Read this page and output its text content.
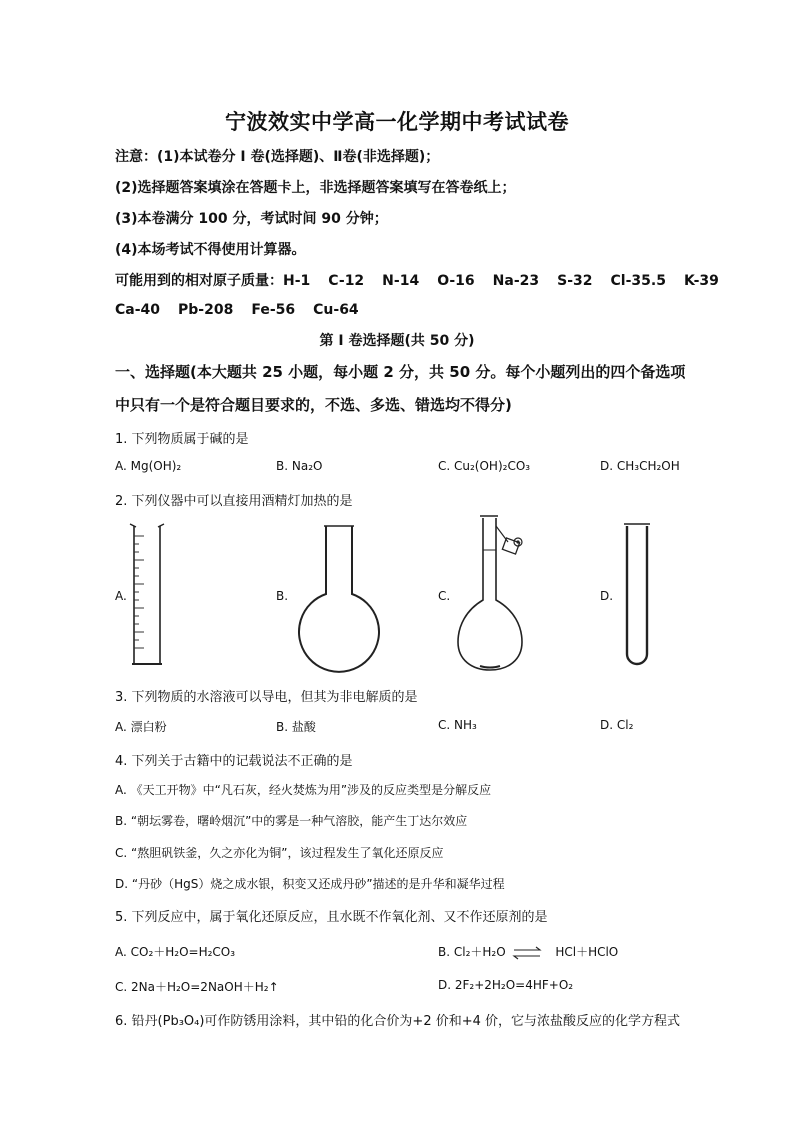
宁波效实中学高一化学期中考试试卷
注意：(1)本试卷分 I 卷(选择题)、Ⅱ卷(非选择题)；
(2)选择题答案填涂在答题卡上，非选择题答案填写在答卷纸上；
(3)本卷满分 100 分，考试时间 90 分钟；
(4)本场考试不得使用计算器。
可能用到的相对原子质量：H-1 C-12 N-14 O-16 Na-23 S-32 Cl-35.5 K-39
Ca-40 Pb-208 Fe-56 Cu-64
第 I 卷选择题(共 50 分)
一、选择题(本大题共 25 小题，每小题 2 分，共 50 分。每个小题列出的四个备选项
中只有一个是符合题目要求的，不选、多选、错选均不得分)
1. 下列物质属于碱的是
A. Mg(OH)₂	B. Na₂O	C. Cu₂(OH)₂CO₃	D. CH₃CH₂OH
2. 下列仪器中可以直接用酒精灯加热的是
A.	B.	C.	D.
3. 下列物质的水溶液可以导电，但其为非电解质的是
A. 漂白粉	B. 盐酸	C. NH₃	D. Cl₂
4. 下列关于古籍中的记载说法不正确的是
A. 《天工开物》中“凡石灰，经火焚炼为用”涉及的反应类型是分解反应
B. “朝坛雾卷，曙岭烟沉”中的雾是一种气溶胶，能产生丁达尔效应
C. “熬胆矾铁釜，久之亦化为铜”，该过程发生了氧化还原反应
D. “丹砂（HgS）烧之成水银，积变又还成丹砂”描述的是升华和凝华过程
5. 下列反应中，属于氧化还原反应，且水既不作氧化剂、又不作还原剂的是
A. CO₂＋H₂O=H₂CO₃	B. Cl₂＋H₂O ⇌ HCl＋HClO
C. 2Na＋H₂O=2NaOH＋H₂↑	D. 2F₂+2H₂O=4HF+O₂
6. 铅丹(Pb₃O₄)可作防锈用涂料，其中铅的化合价为+2 价和+4 价，它与浓盐酸反应的化学方程式
